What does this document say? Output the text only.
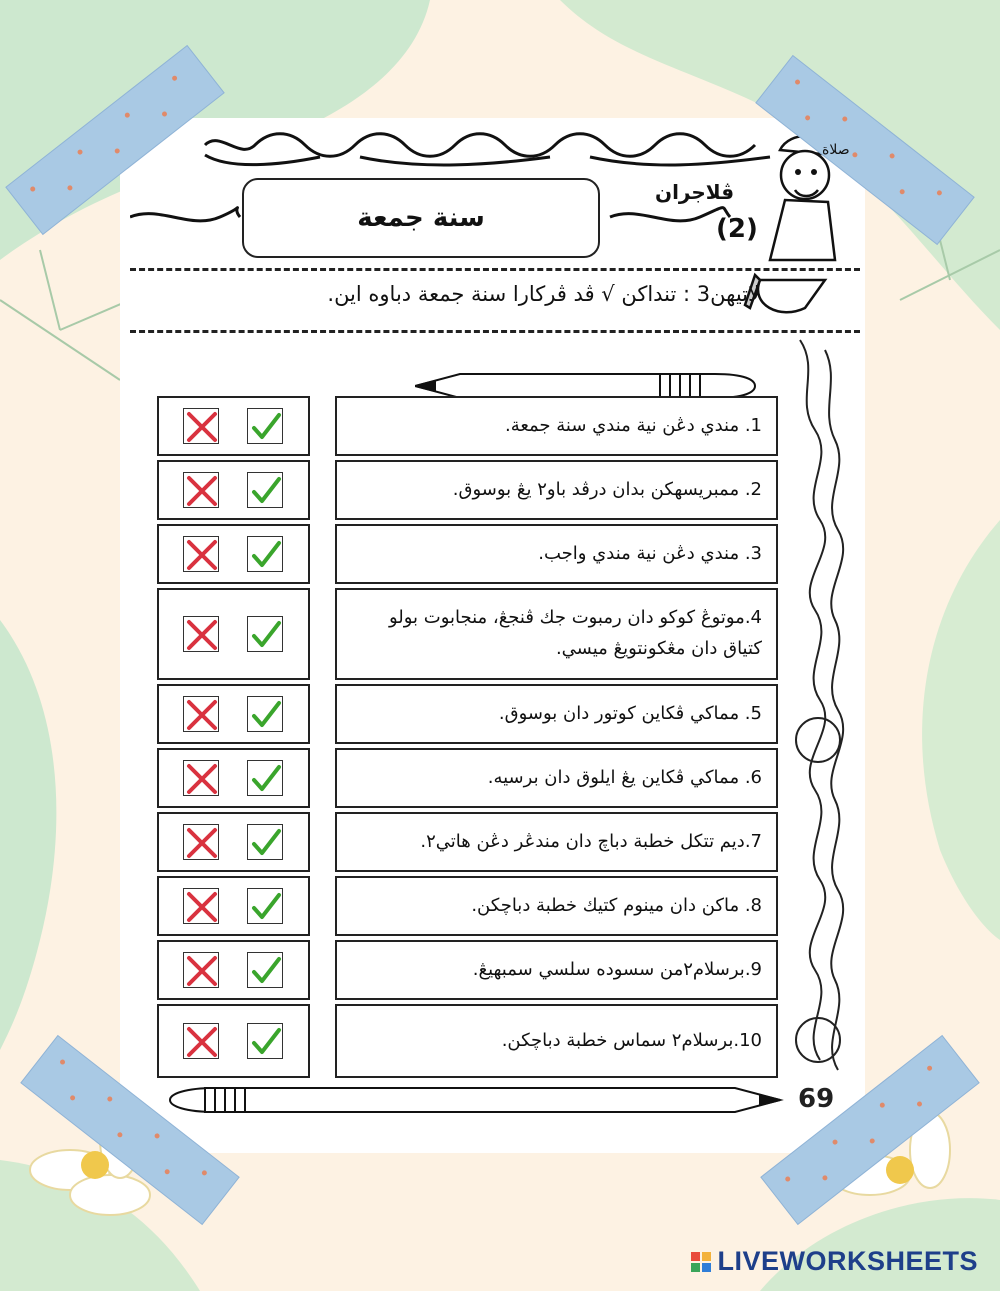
صلاة
ڤلاجران
(2)
سنة جمعة
لاتيهن3 : تنداكن √ ڤد ڤركارا سنة جمعة دباوه اين.
1. مندي دڠن نية مندي سنة جمعة.
2. ممبريسهكن بدان درڤد باو٢ يڠ بوسوق.
3. مندي دڠن نية مندي واجب.
4.موتوڠ كوكو دان رمبوت جك ڤنجڠ، منجابوت بولو كتياق دان مڠكونتويڠ ميسي.
5. مماكي ڤكاين كوتور دان بوسوق.
6. مماكي ڤكاين يڠ ايلوق دان برسيه.
7.ديم تتكل خطبة دباچ دان مندڠر دڠن هاتي٢.
8. ماكن دان مينوم كتيك خطبة دباچكن.
9.برسلام٢من سسوده سلسي سمبهيڠ.
10.برسلام٢ سماس خطبة دباچكن.
69
LIVEWORKSHEETS
